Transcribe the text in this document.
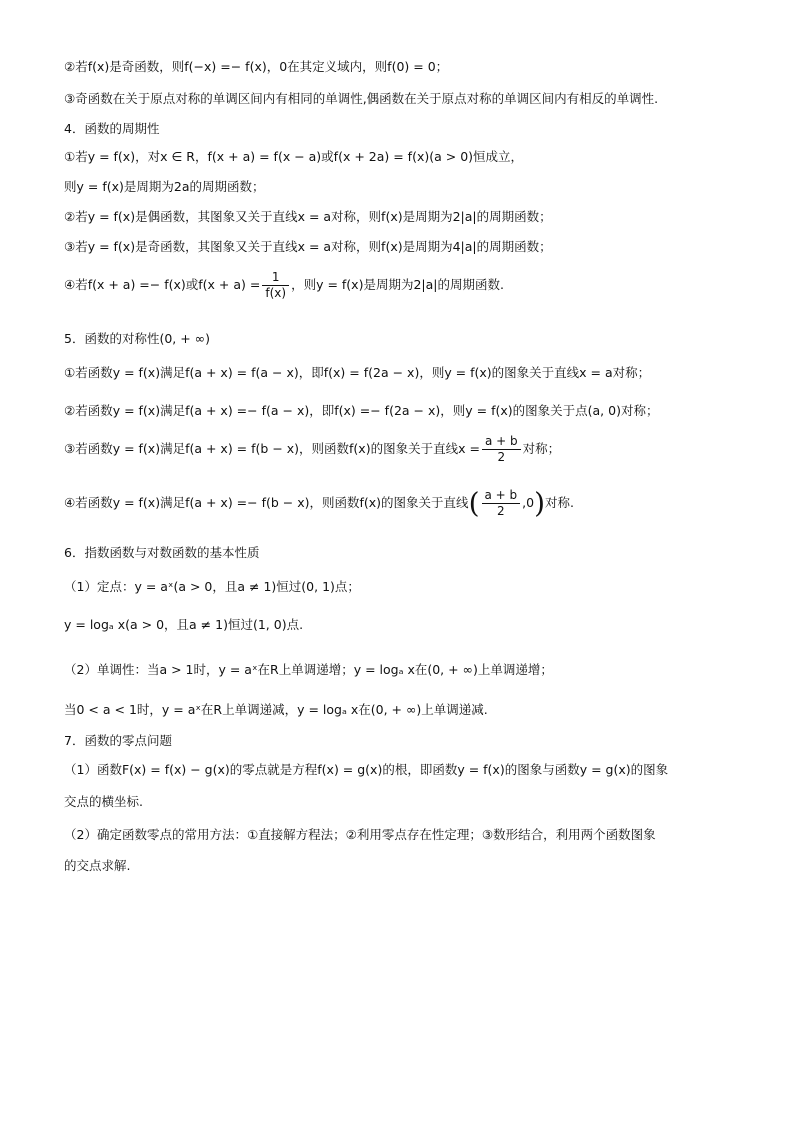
②若f(x)是奇函数，则f(−x) =− f(x)，0在其定义域内，则f(0) = 0；
③奇函数在关于原点对称的单调区间内有相同的单调性,偶函数在关于原点对称的单调区间内有相反的单调性.
4．函数的周期性
①若y = f(x)，对x ∈ R，f(x + a) = f(x − a)或f(x + 2a) = f(x)(a > 0)恒成立，
则y = f(x)是周期为2a的周期函数；
②若y = f(x)是偶函数，其图象又关于直线x = a对称，则f(x)是周期为2|a|的周期函数；
③若y = f(x)是奇函数，其图象又关于直线x = a对称，则f(x)是周期为4|a|的周期函数；
④若f(x + a) =− f(x)或$f(x + a) = \frac{1}{f(x)}$ ，则y = f(x)是周期为2|a|的周期函数.
5．函数的对称性(0, + ∞)
①若函数y = f(x)满足f(a + x) = f(a − x)，即f(x) = f(2a − x)，则y = f(x)的图象关于直线x = a对称；
②若函数y = f(x)满足f(a + x) =− f(a − x)，即f(x) =− f(2a − x)，则y = f(x)的图象关于点(a, 0)对称；
③若函数y = f(x)满足f(a + x) = f(b − x)，则函数f(x)的图象关于直线$x = \frac{a + b}{2}$ 对称；
④若函数y = f(x)满足f(a + x) =− f(b − x)，则函数f(x)的图象关于直线( $\frac{a + b}{2} ,0$)对称.
6．指数函数与对数函数的基本性质
（1）定点：y = aˣ(a > 0，且a ≠ 1)恒过(0, 1)点；
y = logₐ x(a > 0，且a ≠ 1)恒过(1, 0)点.
（2）单调性：当a > 1时，y = aˣ在R上单调递增；y = logₐ x在(0, + ∞)上单调递增；
当0 < a < 1时，y = aˣ在R上单调递减，y = logₐ x在(0, + ∞)上单调递减.
7．函数的零点问题
（1）函数F(x) = f(x) − g(x)的零点就是方程f(x) = g(x)的根，即函数y = f(x)的图象与函数y = g(x)的图象
交点的横坐标.
（2）确定函数零点的常用方法：①直接解方程法；②利用零点存在性定理；③数形结合，利用两个函数图象
的交点求解.
